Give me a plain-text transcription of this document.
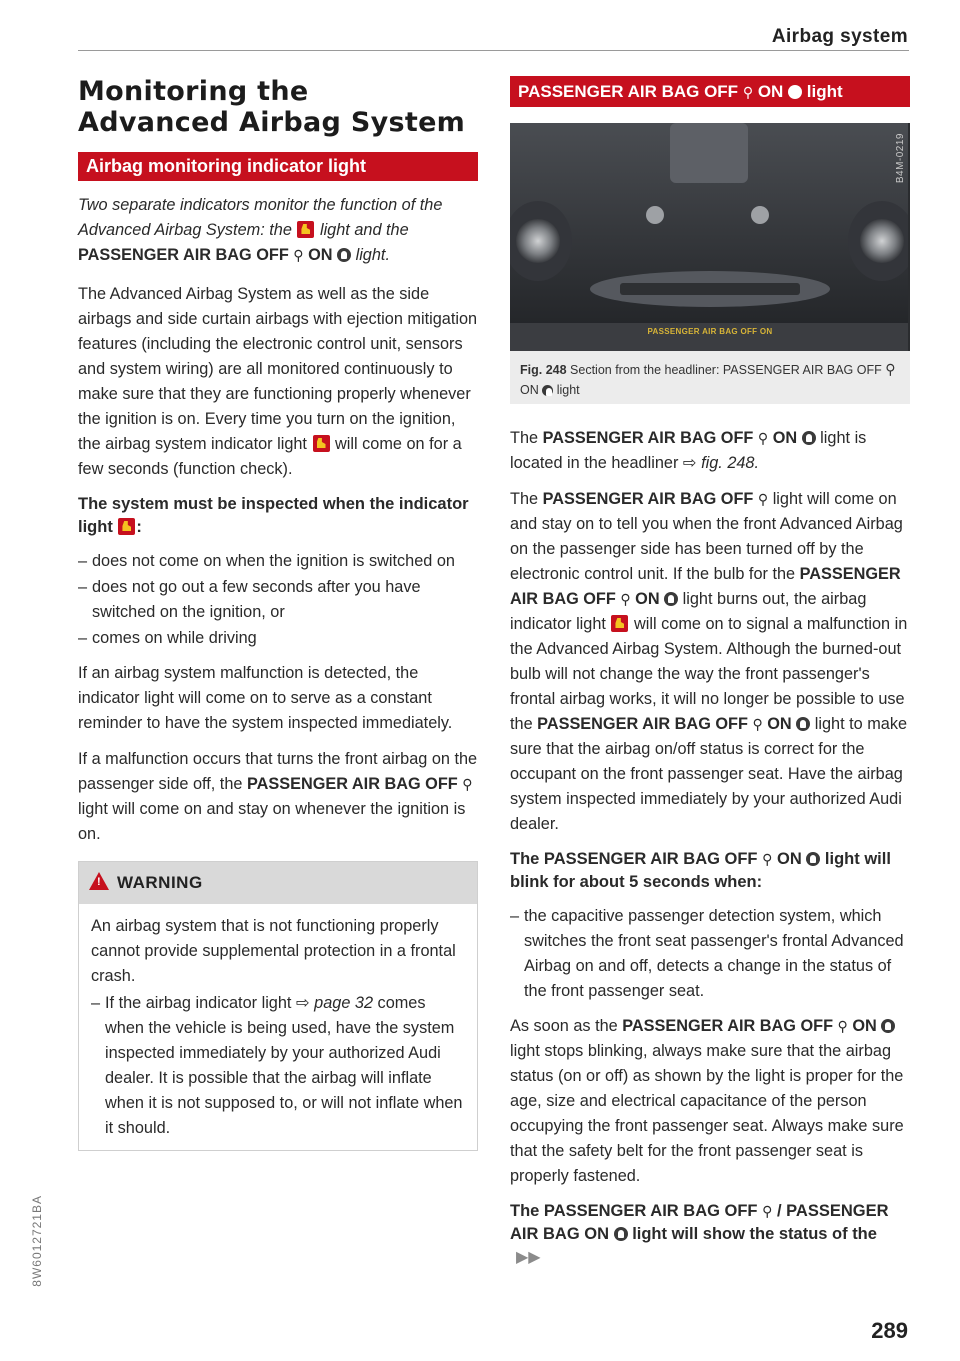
Airbag system
8W6012721BA
Monitoring the
Advanced Airbag System
Airbag monitoring indicator light
Two separate indicators monitor the function of the Advanced Airbag System: the light and the PASSENGER AIR BAG OFF ⚲ ON light.

The Advanced Airbag System as well as the side airbags and side curtain airbags with ejection mitigation features (including the electronic control unit, sensors and system wiring) are all monitored continuously to make sure that they are functioning properly whenever the ignition is on. Every time you turn on the ignition, the airbag system indicator light will come on for a few seconds (function check).

The system must be inspected when the indicator light :
– does not come on when the ignition is switched on
– does not go out a few seconds after you have switched on the ignition, or
– comes on while driving

If an airbag system malfunction is detected, the indicator light will come on to serve as a constant reminder to have the system inspected immediately.

If a malfunction occurs that turns the front airbag on the passenger side off, the PASSENGER AIR BAG OFF ⚲ light will come on and stay on whenever the ignition is on.

!WARNING

An airbag system that is not functioning properly cannot provide supplemental protection in a frontal crash.

– If the airbag indicator light ⇨ page 32 comes when the vehicle is being used, have the system inspected immediately by your authorized Audi dealer. It is possible that the airbag will inflate when it is not supposed to, or will not inflate when it should.
PASSENGER AIR BAG OFF ⚲ ON light
PASSENGER AIR BAG OFF ON
B4M-0219
Fig. 248 Section from the headliner: PASSENGER AIR BAG OFF ⚲ ON light

The PASSENGER AIR BAG OFF ⚲ ON light is located in the headliner ⇨ fig. 248.

The PASSENGER AIR BAG OFF ⚲ light will come on and stay on to tell you when the front Advanced Airbag on the passenger side has been turned off by the electronic control unit. If the bulb for the PASSENGER AIR BAG OFF ⚲ ON light burns out, the airbag indicator light will come on to signal a malfunction in the Advanced Airbag System. Although the burned-out bulb will not change the way the front passenger's frontal airbag works, it will no longer be possible to use the PASSENGER AIR BAG OFF ⚲ ON light to make sure that the airbag on/off status is correct for the occupant on the front passenger seat. Have the airbag system inspected immediately by your authorized Audi dealer.

The PASSENGER AIR BAG OFF ⚲ ON light will blink for about 5 seconds when:
– the capacitive passenger detection system, which switches the front seat passenger's frontal Advanced Airbag on and off, detects a change in the status of the front passenger seat.

As soon as the PASSENGER AIR BAG OFF ⚲ ON  light stops blinking, always make sure that the airbag status (on or off) as shown by the light is proper for the age, size and electrical capacitance of the person occupying the front passenger seat. Always make sure that the safety belt for the front passenger seat is properly fastened.

The PASSENGER AIR BAG OFF ⚲ / PASSENGER AIR BAG ON light will show the status of the ▶▶
289
